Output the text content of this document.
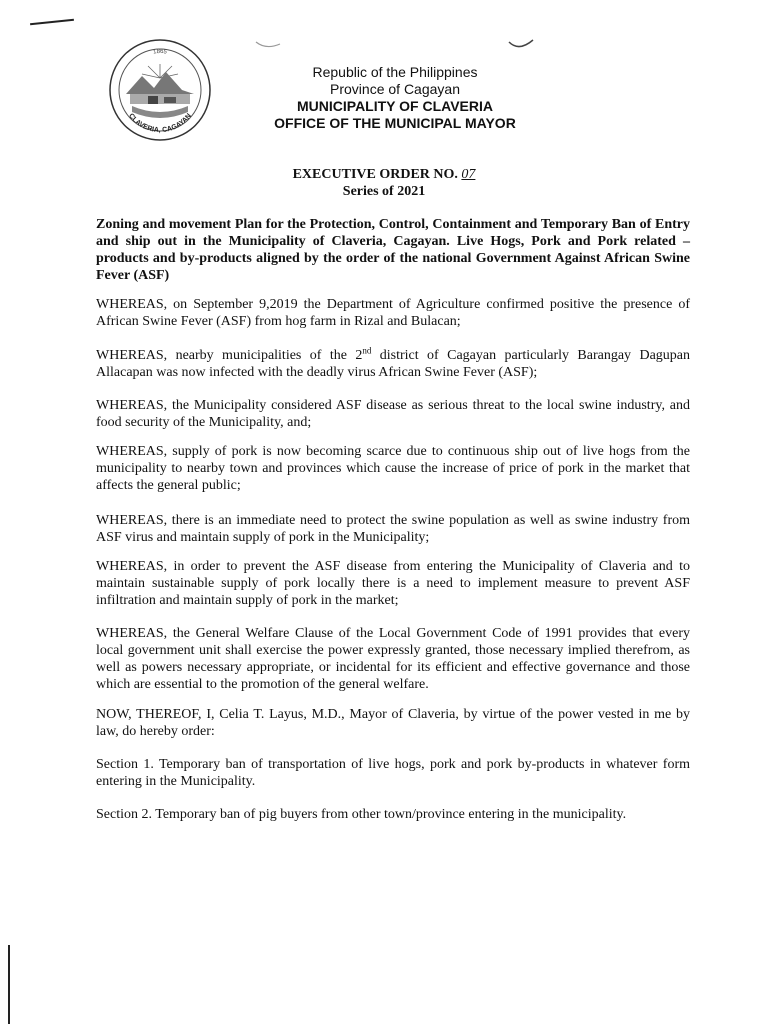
CLAVERIA, CAGAYAN
1865
Republic of the Philippines
Province of Cagayan
MUNICIPALITY OF CLAVERIA
OFFICE OF THE MUNICIPAL MAYOR
EXECUTIVE ORDER NO. 07
Series of 2021
Zoning and movement Plan for the Protection, Control, Containment and Temporary Ban of Entry and ship out in the Municipality of Claveria, Cagayan. Live Hogs, Pork and Pork related – products and by-products aligned by the order of the national Government Against African Swine Fever (ASF)
WHEREAS, on September 9,2019 the Department of Agriculture confirmed positive the presence of African Swine Fever (ASF) from hog farm in Rizal and Bulacan;
WHEREAS, nearby municipalities of the 2nd district of Cagayan particularly Barangay Dagupan Allacapan was now infected with the deadly virus African Swine Fever (ASF);
WHEREAS, the Municipality considered ASF disease as serious threat to the local swine industry, and food security of the Municipality, and;
WHEREAS, supply of pork is now becoming scarce due to continuous ship out of live hogs from the municipality to nearby town and provinces which cause the increase of price of pork in the market that affects the general public;
WHEREAS, there is an immediate need to protect the swine population as well as swine industry from ASF virus and maintain supply of pork in the Municipality;
WHEREAS, in order to prevent the ASF disease from entering the Municipality of Claveria and to maintain sustainable supply of pork locally there is a need to implement measure to prevent ASF infiltration and maintain supply of pork in the market;
WHEREAS, the General Welfare Clause of the Local Government Code of 1991 provides that every local government unit shall exercise the power expressly granted, those necessary implied therefrom, as well as powers necessary appropriate, or incidental for its efficient and effective governance and those which are essential to the promotion of the general welfare.
NOW, THEREOF, I, Celia T. Layus, M.D., Mayor of Claveria, by virtue of the power vested in me by law, do hereby order:
Section 1. Temporary ban of transportation of live hogs, pork and pork by-products in whatever form entering in the Municipality.
Section 2. Temporary ban of pig buyers from other town/province entering in the municipality.
